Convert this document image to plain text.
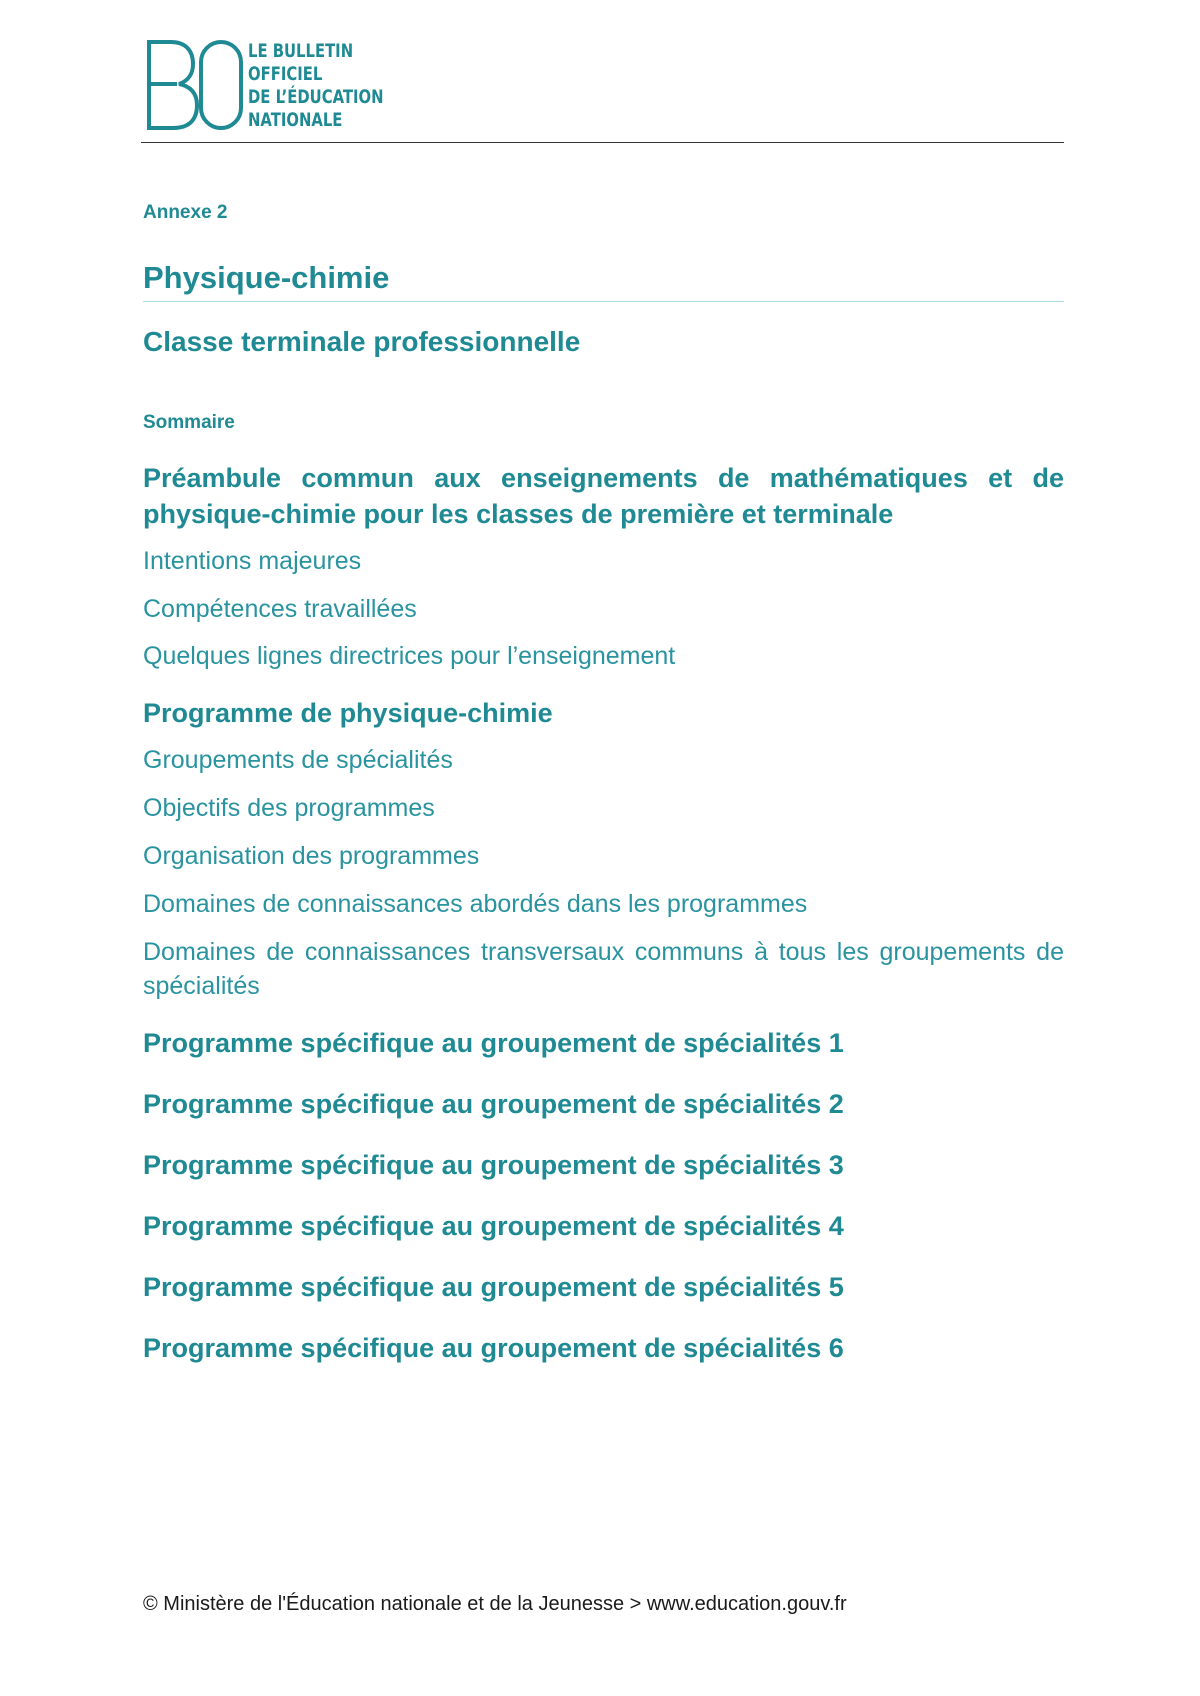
LE BULLETIN
OFFICIEL
DE L’ÉDUCATION
NATIONALE
Annexe 2
Physique-chimie
Classe terminale professionnelle
Sommaire

Préambule commun aux enseignements de mathématiques et de physique-chimie pour les classes de première et terminale

Intentions majeures

Compétences travaillées

Quelques lignes directrices pour l’enseignement

Programme de physique-chimie

Groupements de spécialités

Objectifs des programmes

Organisation des programmes

Domaines de connaissances abordés dans les programmes

Domaines de connaissances transversaux communs à tous les groupements de spécialités

Programme spécifique au groupement de spécialités 1

Programme spécifique au groupement de spécialités 2

Programme spécifique au groupement de spécialités 3

Programme spécifique au groupement de spécialités 4

Programme spécifique au groupement de spécialités 5

Programme spécifique au groupement de spécialités 6

© Ministère de l'Éducation nationale et de la Jeunesse > www.education.gouv.fr
